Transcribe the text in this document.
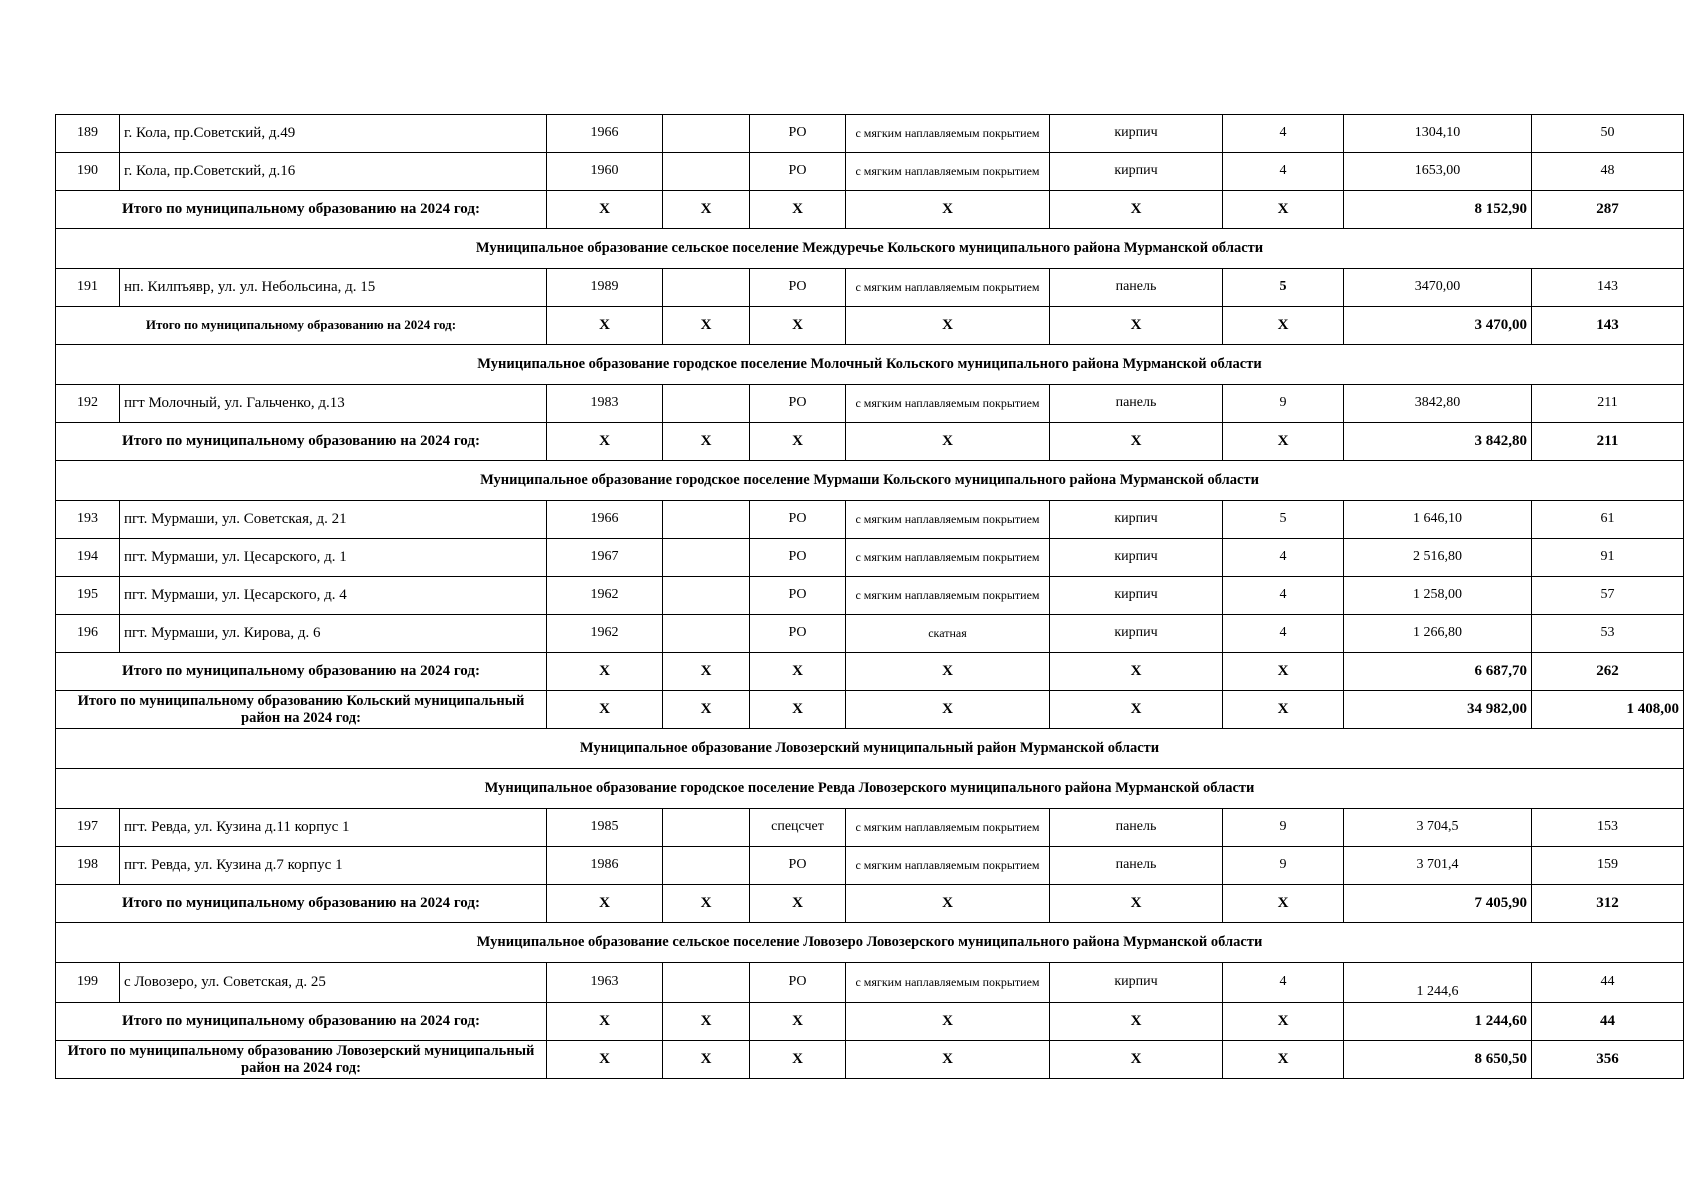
189	г. Кола, пр.Советский, д.49	1966		РО	с мягким наплавляемым покрытием	кирпич	4	1304,10	50
190	г. Кола, пр.Советский, д.16	1960		РО	с мягким наплавляемым покрытием	кирпич	4	1653,00	48
Итого по муниципальному образованию на 2024 год:		X	X	X	X	X	X	8 152,90	287
Муниципальное образование сельское поселение Междуречье Кольского муниципального района Мурманской области									
191	нп. Килпъявр, ул. ул. Небольсина, д. 15	1989		РО	с мягким наплавляемым покрытием	панель	5	3470,00	143
Итого по муниципальному образованию на 2024 год:		X	X	X	X	X	X	3 470,00	143
Муниципальное образование городское поселение Молочный Кольского муниципального района Мурманской области									
192	пгт Молочный, ул. Гальченко, д.13	1983		РО	с мягким наплавляемым покрытием	панель	9	3842,80	211
Итого по муниципальному образованию на 2024 год:		X	X	X	X	X	X	3 842,80	211
Муниципальное образование городское поселение Мурмаши Кольского муниципального района Мурманской области									
193	пгт. Мурмаши, ул. Советская, д. 21	1966		РО	с мягким наплавляемым покрытием	кирпич	5	1 646,10	61
194	пгт. Мурмаши, ул. Цесарского, д. 1	1967		РО	с мягким наплавляемым покрытием	кирпич	4	2 516,80	91
195	пгт. Мурмаши, ул. Цесарского, д. 4	1962		РО	с мягким наплавляемым покрытием	кирпич	4	1 258,00	57
196	пгт. Мурмаши, ул. Кирова, д. 6	1962		РО	скатная	кирпич	4	1 266,80	53
Итого по муниципальному образованию на 2024 год:		X	X	X	X	X	X	6 687,70	262
Итого по муниципальному образованию Кольский муниципальный район на 2024 год:		X	X	X	X	X	X	34 982,00	1 408,00
Муниципальное образование Ловозерский муниципальный район Мурманской области									
Муниципальное образование городское поселение Ревда Ловозерского муниципального района Мурманской области									
197	пгт. Ревда, ул. Кузина д.11 корпус 1	1985		спецсчет	с мягким наплавляемым покрытием	панель	9	3 704,5	153
198	пгт. Ревда, ул. Кузина д.7 корпус 1	1986		РО	с мягким наплавляемым покрытием	панель	9	3 701,4	159
Итого по муниципальному образованию на 2024 год:		X	X	X	X	X	X	7 405,90	312
Муниципальное образование сельское поселение Ловозеро Ловозерского муниципального района Мурманской области									
199	с Ловозеро, ул. Советская, д. 25	1963		РО	с мягким наплавляемым покрытием	кирпич	4	1 244,6	44
Итого по муниципальному образованию на 2024 год:		X	X	X	X	X	X	1 244,60	44
Итого по муниципальному образованию Ловозерский муниципальный район на 2024 год:		X	X	X	X	X	X	8 650,50	356
